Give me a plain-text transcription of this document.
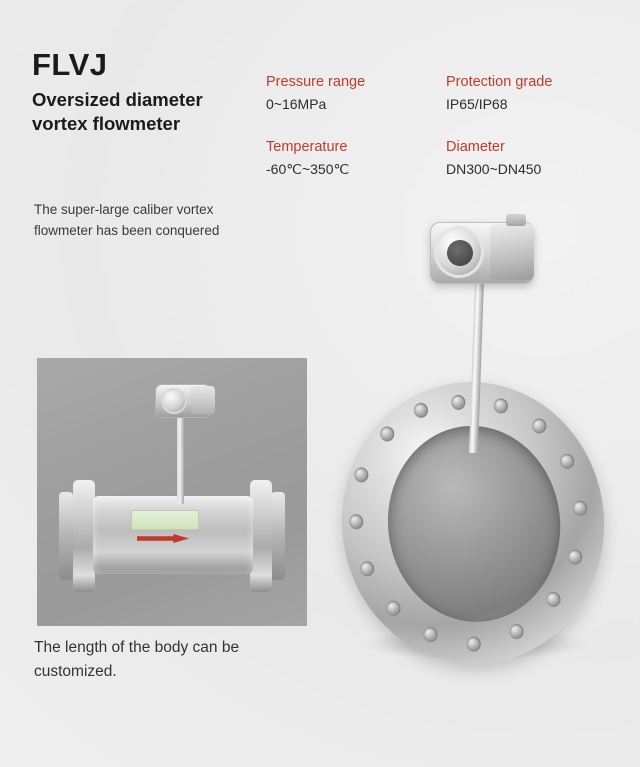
FLVJ
Oversized diameter vortex flowmeter
The super-large caliber vortex flowmeter has been conquered
Pressure range
0~16MPa
Protection grade
IP65/IP68
Temperature
-60℃~350℃
Diameter
DN300~DN450
The length of the body can be customized.
